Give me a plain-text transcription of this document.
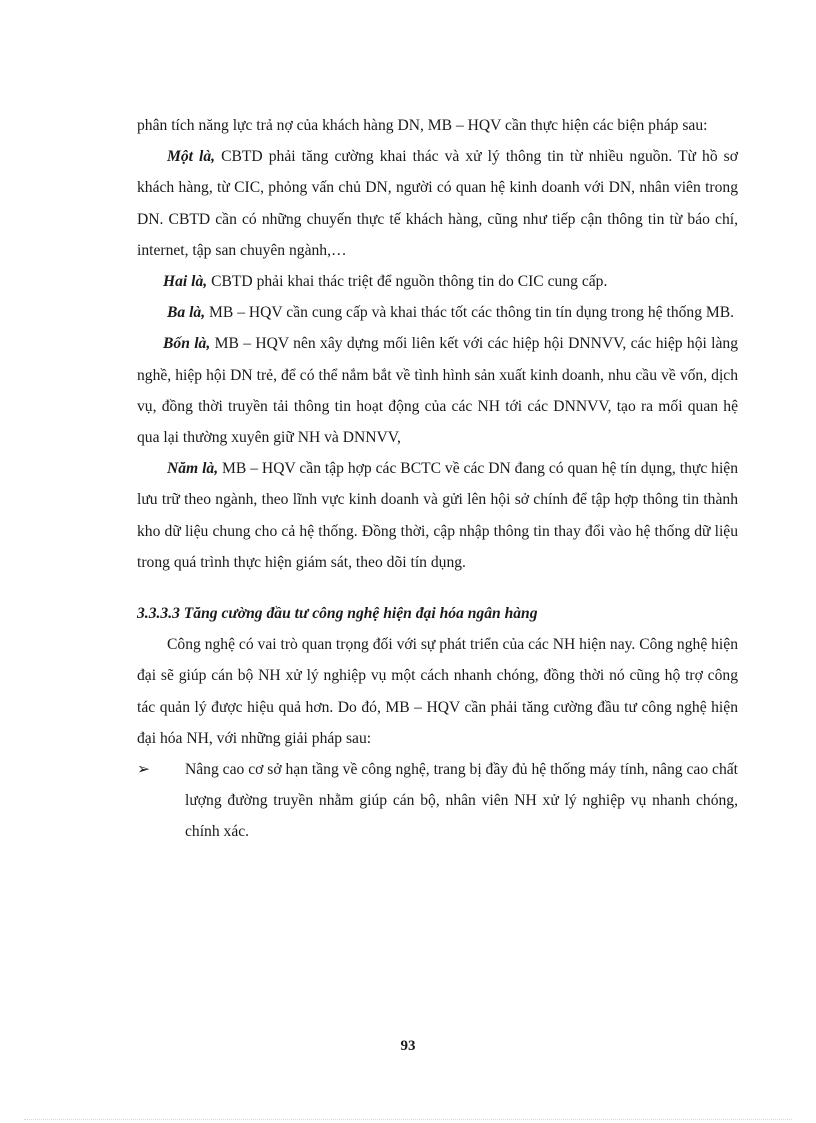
phân tích năng lực trả nợ của khách hàng DN, MB – HQV cần thực hiện các biện pháp sau:

Một là, CBTD phải tăng cường khai thác và xử lý thông tin từ nhiều nguồn. Từ hồ sơ khách hàng, từ CIC, phỏng vấn chủ DN, người có quan hệ kinh doanh với DN, nhân viên trong DN. CBTD cần có những chuyến thực tế khách hàng, cũng như tiếp cận thông tin từ báo chí, internet, tập san chuyên ngành,…

Hai là, CBTD phải khai thác triệt để nguồn thông tin do CIC cung cấp.

Ba là, MB – HQV cần cung cấp và khai thác tốt các thông tin tín dụng trong hệ thống MB.

Bốn là, MB – HQV nên xây dựng mối liên kết với các hiệp hội DNNVV, các hiệp hội làng nghề, hiệp hội DN trẻ, để có thể nắm bắt về tình hình sản xuất kinh doanh, nhu cầu về vốn, dịch vụ, đồng thời truyền tải thông tin hoạt động của các NH tới các DNNVV, tạo ra mối quan hệ qua lại thường xuyên giữ NH và DNNVV,

Năm là, MB – HQV cần tập hợp các BCTC về các DN đang có quan hệ tín dụng, thực hiện lưu trữ theo ngành, theo lĩnh vực kinh doanh và gửi lên hội sở chính để tập hợp thông tin thành kho dữ liệu chung cho cả hệ thống. Đồng thời, cập nhập thông tin thay đổi vào hệ thống dữ liệu trong quá trình thực hiện giám sát, theo dõi tín dụng.

3.3.3.3 Tăng cường đầu tư công nghệ hiện đại hóa ngân hàng

Công nghệ có vai trò quan trọng đối với sự phát triển của các NH hiện nay. Công nghệ hiện đại sẽ giúp cán bộ NH xử lý nghiệp vụ một cách nhanh chóng, đồng thời nó cũng hộ trợ công tác quản lý được hiệu quả hơn. Do đó, MB – HQV cần phải tăng cường đầu tư công nghệ hiện đại hóa NH, với những giải pháp sau:

➢	Nâng cao cơ sở hạn tầng về công nghệ, trang bị đầy đủ hệ thống máy tính, nâng cao chất lượng đường truyền nhằm giúp cán bộ, nhân viên NH xử lý nghiệp vụ nhanh chóng, chính xác.
93
